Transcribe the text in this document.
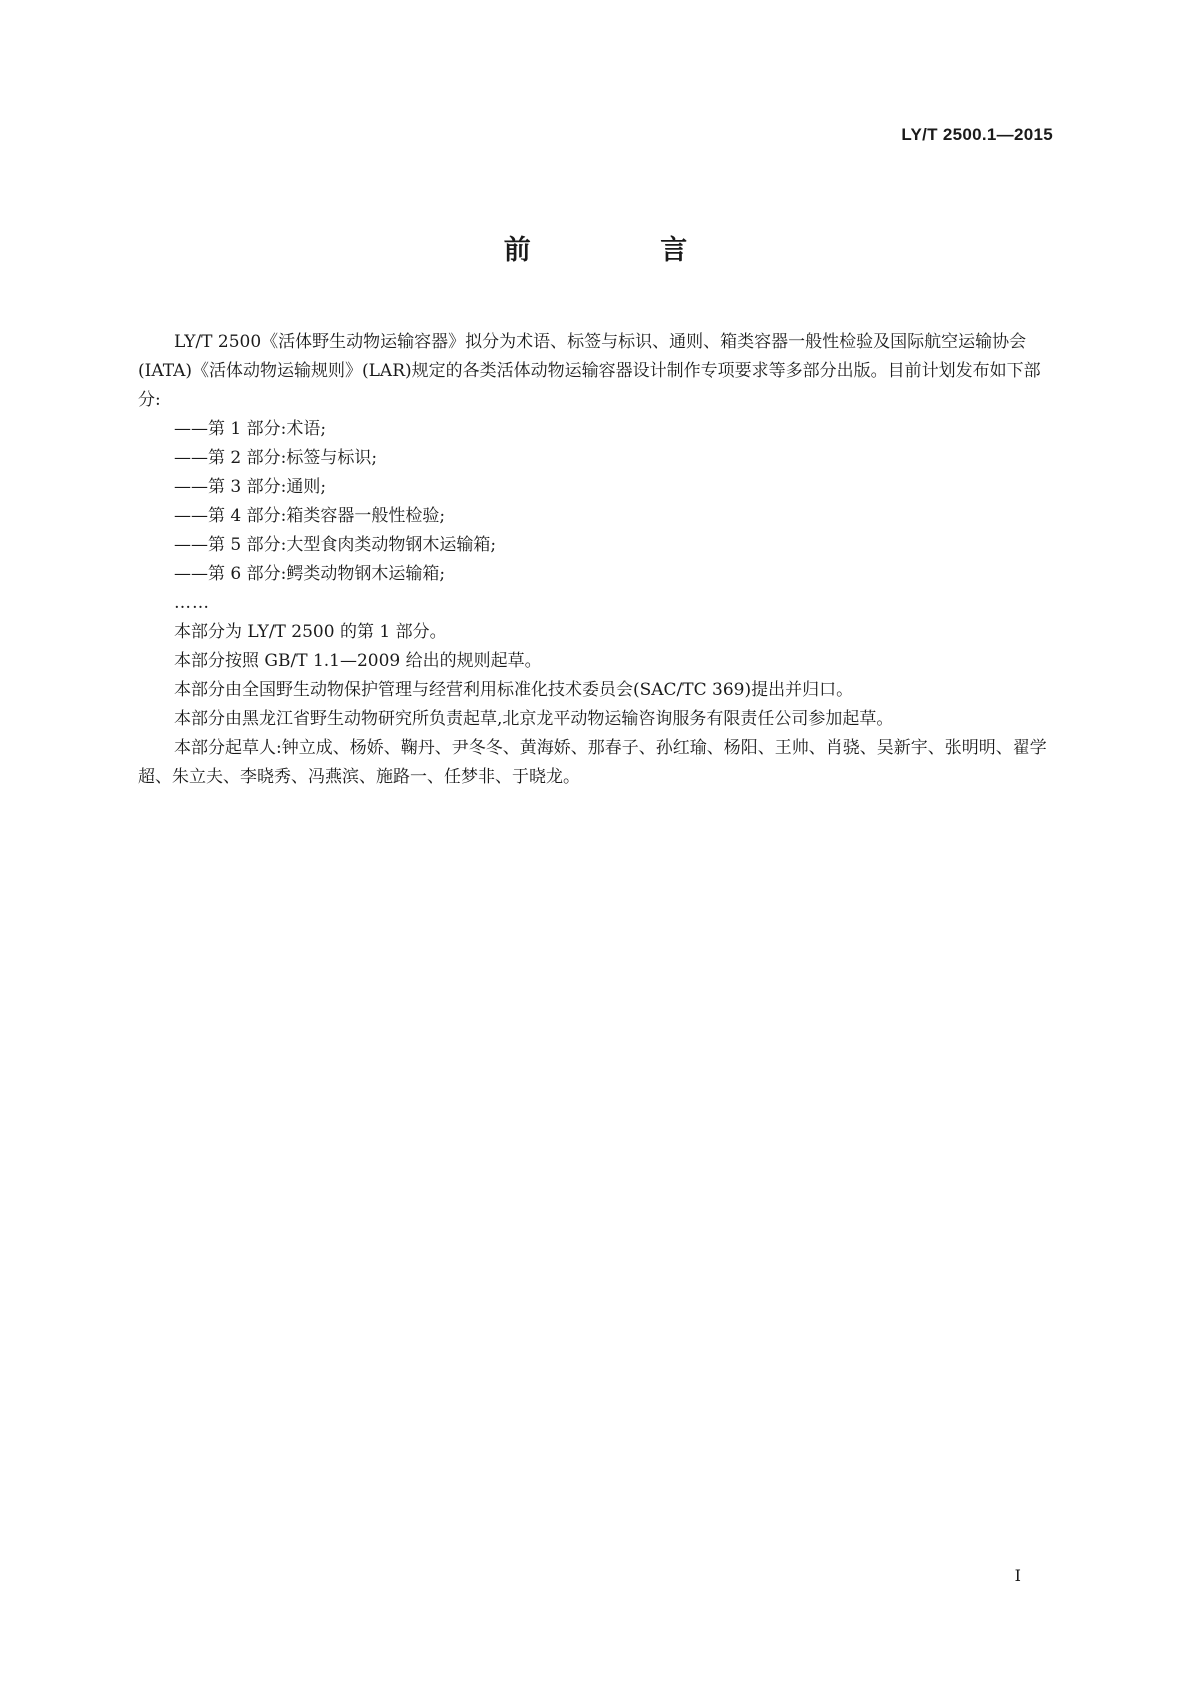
LY/T 2500.1—2015
前 言

LY/T 2500《活体野生动物运输容器》拟分为术语、标签与标识、通则、箱类容器一般性检验及国际航空运输协会(IATA)《活体动物运输规则》(LAR)规定的各类活体动物运输容器设计制作专项要求等多部分出版。目前计划发布如下部分:

——第 1 部分:术语;

——第 2 部分:标签与标识;

——第 3 部分:通则;

——第 4 部分:箱类容器一般性检验;

——第 5 部分:大型食肉类动物钢木运输箱;

——第 6 部分:鳄类动物钢木运输箱;

……

本部分为 LY/T 2500 的第 1 部分。

本部分按照 GB/T 1.1—2009 给出的规则起草。

本部分由全国野生动物保护管理与经营利用标准化技术委员会(SAC/TC 369)提出并归口。

本部分由黑龙江省野生动物研究所负责起草,北京龙平动物运输咨询服务有限责任公司参加起草。

本部分起草人:钟立成、杨娇、鞠丹、尹冬冬、黄海娇、那春子、孙红瑜、杨阳、王帅、肖骁、吴新宇、张明明、翟学超、朱立夫、李晓秀、冯燕滨、施路一、任梦非、于晓龙。

I
